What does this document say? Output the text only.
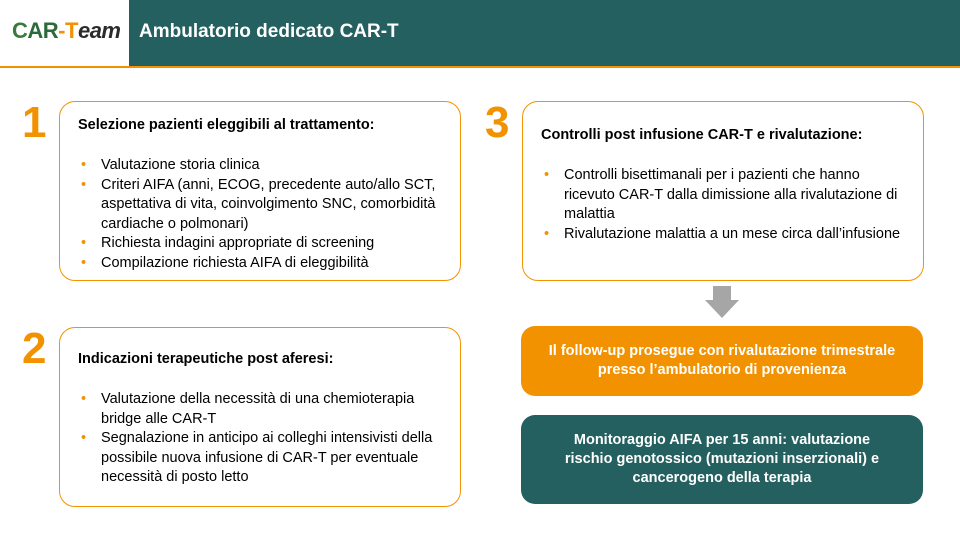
CAR-Team Ambulatorio dedicato CAR-T
1 Selezione pazienti eleggibili al trattamento:
• Valutazione storia clinica
• Criteri AIFA (anni, ECOG, precedente auto/allo SCT, aspettativa di vita, coinvolgimento SNC, comorbidità cardiache o polmonari)
• Richiesta indagini appropriate di screening
• Compilazione richiesta AIFA di eleggibilità
2 Indicazioni terapeutiche post aferesi:
• Valutazione della necessità di una chemioterapia bridge alle CAR-T
• Segnalazione in anticipo ai colleghi intensivisti della possibile nuova infusione di CAR-T per eventuale necessità di posto letto
3 Controlli post infusione CAR-T e rivalutazione:
• Controlli bisettimanali per i pazienti che hanno ricevuto CAR-T dalla dimissione alla rivalutazione di malattia
• Rivalutazione malattia a un mese circa dall’infusione
Il follow-up prosegue con rivalutazione trimestrale presso l’ambulatorio di provenienza
Monitoraggio AIFA per 15 anni: valutazione rischio genotossico (mutazioni inserzionali) e cancerogeno della terapia
